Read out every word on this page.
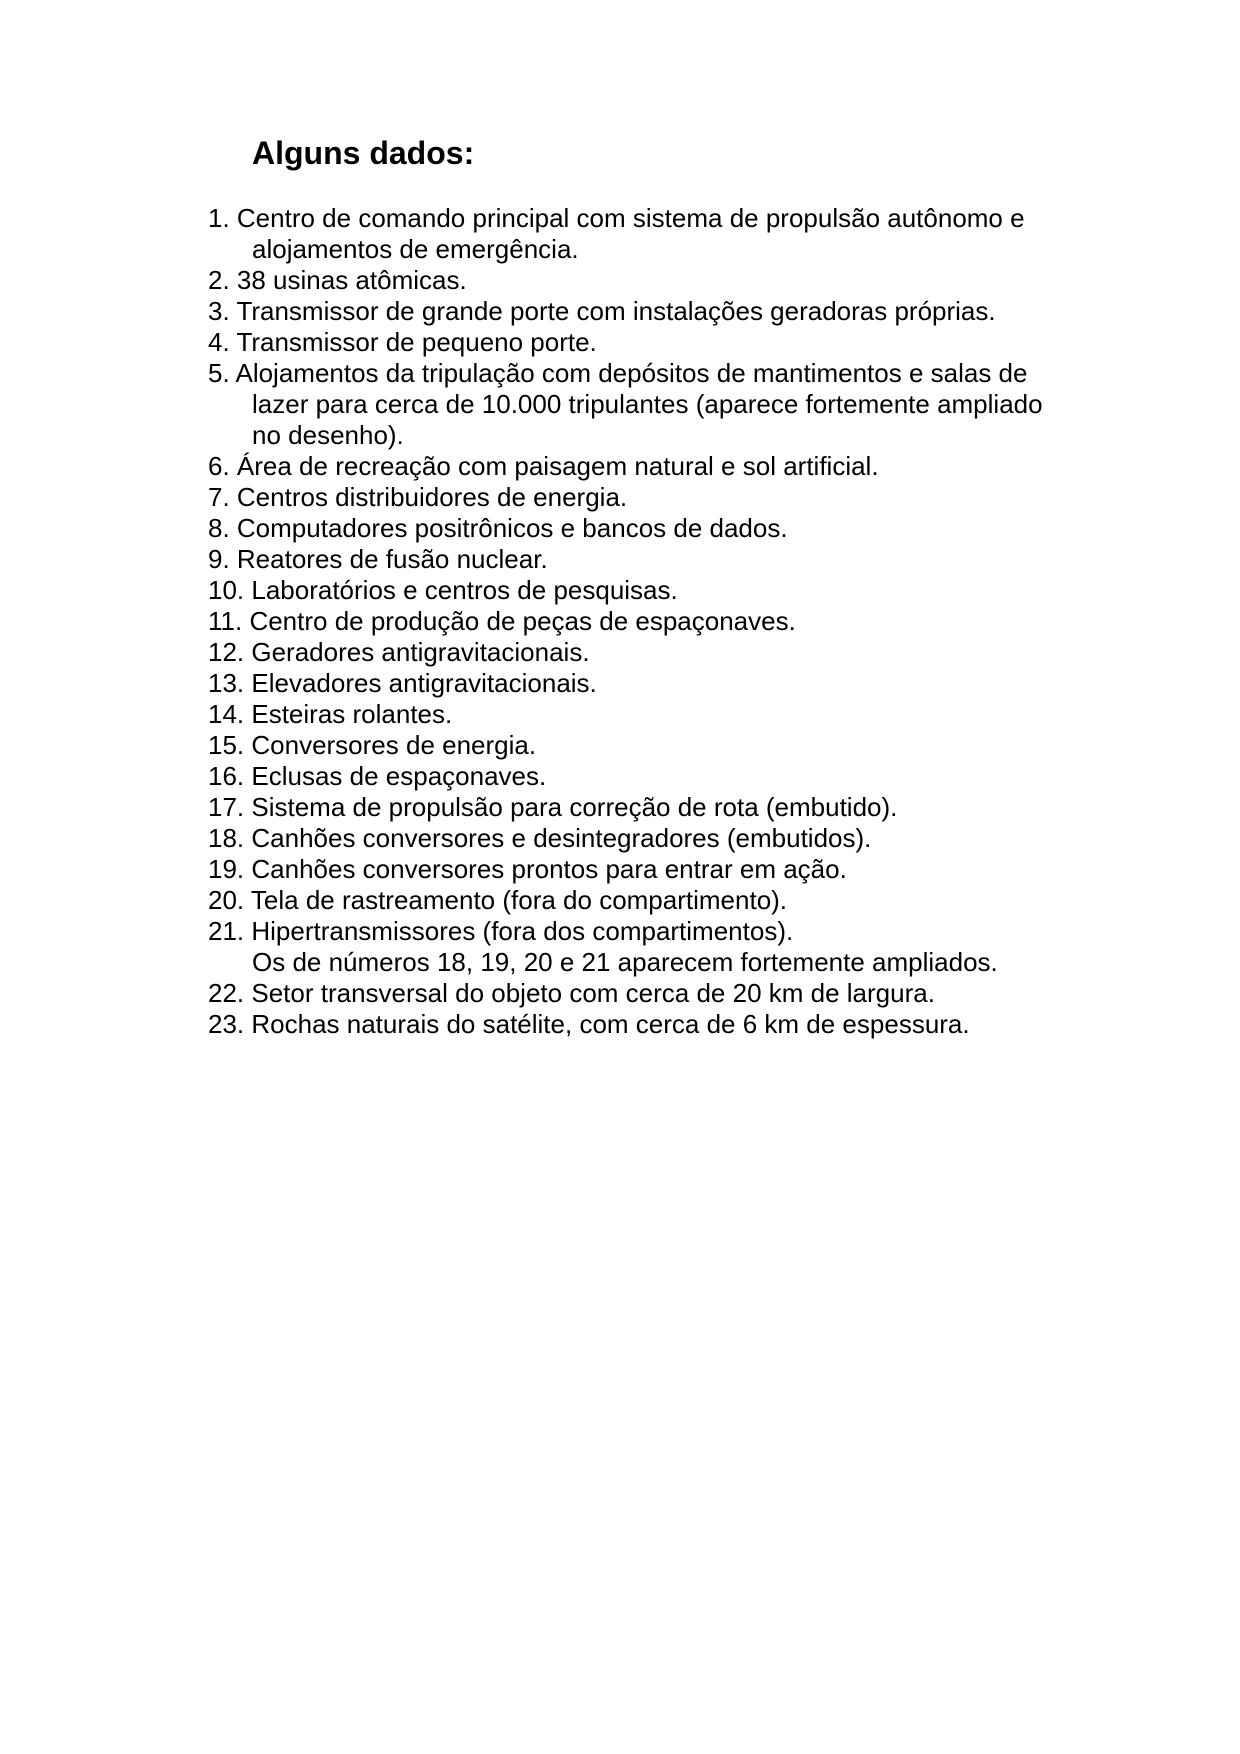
Alguns dados:
1. Centro de comando principal com sistema de propulsão autônomo e
alojamentos de emergência.
2. 38 usinas atômicas.
3. Transmissor de grande porte com instalações geradoras próprias.
4. Transmissor de pequeno porte.
5. Alojamentos da tripulação com depósitos de mantimentos e salas de
lazer para cerca de 10.000 tripulantes (aparece fortemente ampliado
no desenho).
6. Área de recreação com paisagem natural e sol artificial.
7. Centros distribuidores de energia.
8. Computadores positrônicos e bancos de dados.
9. Reatores de fusão nuclear.
10. Laboratórios e centros de pesquisas.
11. Centro de produção de peças de espaçonaves.
12. Geradores antigravitacionais.
13. Elevadores antigravitacionais.
14. Esteiras rolantes.
15. Conversores de energia.
16. Eclusas de espaçonaves.
17. Sistema de propulsão para correção de rota (embutido).
18. Canhões conversores e desintegradores (embutidos).
19. Canhões conversores prontos para entrar em ação.
20. Tela de rastreamento (fora do compartimento).
21. Hipertransmissores (fora dos compartimentos).
Os de números 18, 19, 20 e 21 aparecem fortemente ampliados.
22. Setor transversal do objeto com cerca de 20 km de largura.
23. Rochas naturais do satélite, com cerca de 6 km de espessura.
